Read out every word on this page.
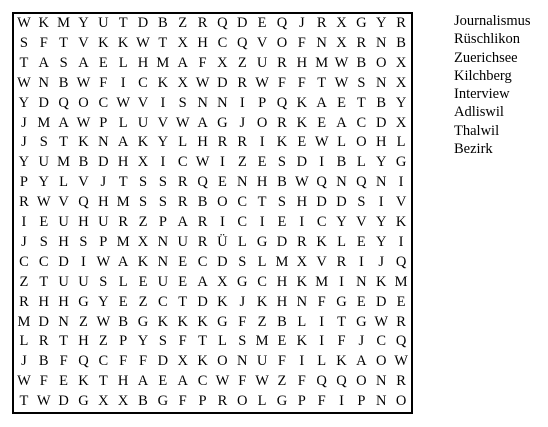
W K M Y U T D B Z R Q D E Q J R X G Y R
S F T V K K W T X H C Q V O F N X R N B
T A S A E L H M A F X Z U R H M W B O X
W N B W F I C K X W D R W F F T W S N X
Y D Q O C W V I S N N I P Q K A E T B Y
J M A W P L U V W A G J O R K E A C D X
J S T K N A K Y L H R R I K E W L O H L
Y U M B D H X I C W I Z E S D I B L Y G
P Y L V J T S S R Q E N H B W Q N Q N I
R W V Q H M S S R B O C T S H D D S I V
I E U H U R Z P A R I C I E I C Y V Y K
J S H S P M X N U R Ü L G D R K L E Y I
C C D I W A K N E C D S L M X V R I	J Q
Z T U U S L E U E A X G C H K M I N K M
R H H G Y E Z C T D K J K H N F G E D E
M D N Z W B G K K K G F Z B L I T G W R
L R T H Z P Y S F T L S M E K I F J C Q
J B F Q C F F D X K O N U F I L K A O W
W F E K T H A E A C W F W Z F Q Q O N R
T W D G X X B G F P R O L G P F I P N O
Journalismus
Rüschlikon
Zuerichsee
Kilchberg
Interview
Adliswil
Thalwil
Bezirk
